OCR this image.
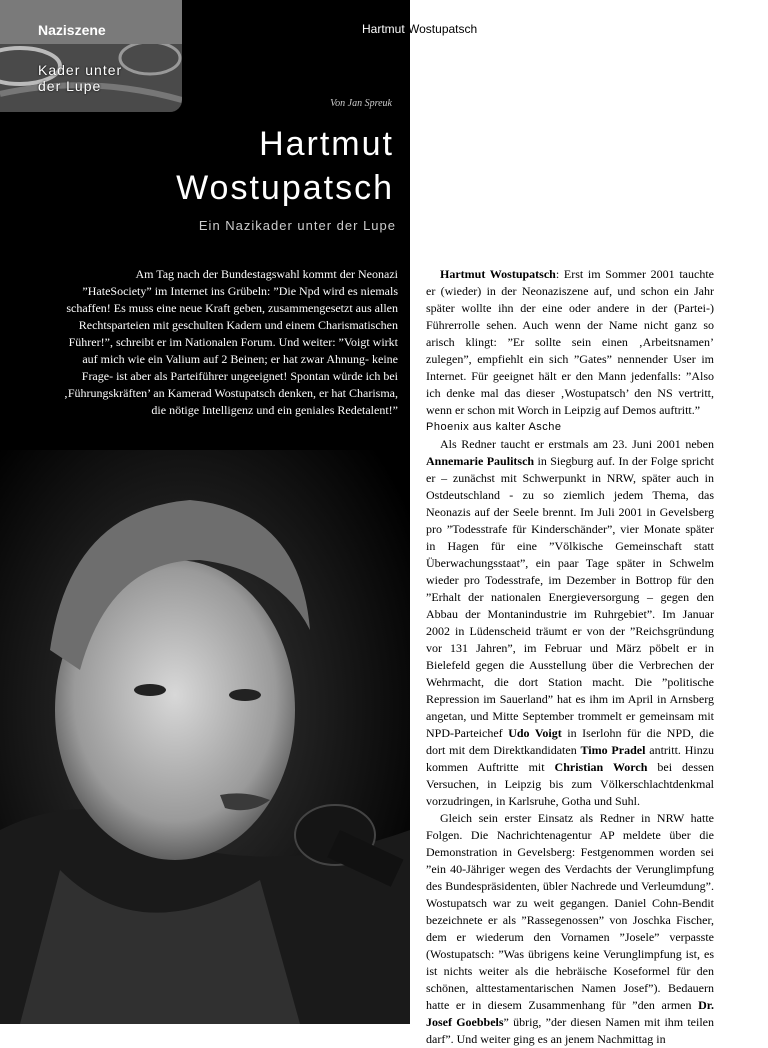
Naziszene
Kader unter
der Lupe
Von Jan Spreuk
Hartmut
Wostupatsch
Ein Nazikader unter der Lupe

Am Tag nach der Bundestagswahl kommt der Neonazi ”HateSociety” im Internet ins Grübeln: ”Die Npd wird es niemals schaffen! Es muss eine neue Kraft geben, zusammengesetzt aus allen Rechtsparteien mit geschulten Kadern und einem Charismatischen Führer!”, schreibt er im Nationalen Forum. Und weiter: ”Voigt wirkt auf mich wie ein Valium auf 2 Beinen; er hat zwar Ahnung- keine Frage- ist aber als Parteiführer ungeeignet! Spontan würde ich bei ‚Führungskräften’ an Kamerad Wostupatsch denken, er hat Charisma, die nötige Intelligenz und ein geniales Redetalent!”

Hartmut Wostupatsch

Hartmut Wostupatsch: Erst im Sommer 2001 tauchte er (wieder) in der Neonaziszene auf, und schon ein Jahr später wollte ihn der eine oder andere in der (Partei-) Führerrolle sehen. Auch wenn der Name nicht ganz so arisch klingt: ”Er sollte sein einen ‚Arbeitsnamen’ zulegen”, empfiehlt ein sich ”Gates” nennender User im Internet. Für geeignet hält er den Mann jedenfalls: ”Also ich denke mal das dieser ‚Wostupatsch’ den NS vertritt, wenn er schon mit Worch in Leipzig auf Demos auftritt.”

Phoenix aus kalter Asche

Als Redner taucht er erstmals am 23. Juni 2001 neben Annemarie Paulitsch in Siegburg auf. In der Folge spricht er – zunächst mit Schwerpunkt in NRW, später auch in Ostdeutschland - zu so ziemlich jedem Thema, das Neonazis auf der Seele brennt. Im Juli 2001 in Gevelsberg pro ”Todesstrafe für Kinderschänder”, vier Monate später in Hagen für eine ”Völkische Gemeinschaft statt Überwachungsstaat”, ein paar Tage später in Schwelm wieder pro Todesstrafe, im Dezember in Bottrop für den ”Erhalt der nationalen Energieversorgung – gegen den Abbau der Montanindustrie im Ruhrgebiet”. Im Januar 2002 in Lüdenscheid träumt er von der ”Reichsgründung vor 131 Jahren”, im Februar und März pöbelt er in Bielefeld gegen die Ausstellung über die Verbrechen der Wehrmacht, die dort Station macht. Die ”politische Repression im Sauerland” hat es ihm im April in Arnsberg angetan, und Mitte September trommelt er gemeinsam mit NPD-Parteichef Udo Voigt in Iserlohn für die NPD, die dort mit dem Direktkandidaten Timo Pradel antritt. Hinzu kommen Auftritte mit Christian Worch bei dessen Versuchen, in Leipzig bis zum Völkerschlachtdenkmal vorzudringen, in Karlsruhe, Gotha und Suhl.

Gleich sein erster Einsatz als Redner in NRW hatte Folgen. Die Nachrichtenagentur AP meldete über die Demonstration in Gevelsberg: Festgenommen worden sei ”ein 40-Jähriger wegen des Verdachts der Verunglimpfung des Bundespräsidenten, übler Nachrede und Verleumdung”. Wostupatsch war zu weit gegangen. Daniel Cohn-Bendit bezeichnete er als ”Rassegenossen” von Joschka Fischer, dem er wiederum den Vornamen ”Josele” verpasste (Wostupatsch: ”Was übrigens keine Verunglimpfung ist, es ist nichts weiter als die hebräische Koseformel für den schönen, alttestamentarischen Namen Josef”). Bedauern hatte er in diesem Zusammenhang für ”den armen Dr. Josef Goebbels” übrig, ”der diesen Namen mit ihm teilen darf”. Und weiter ging es an jenem Nachmittag in
